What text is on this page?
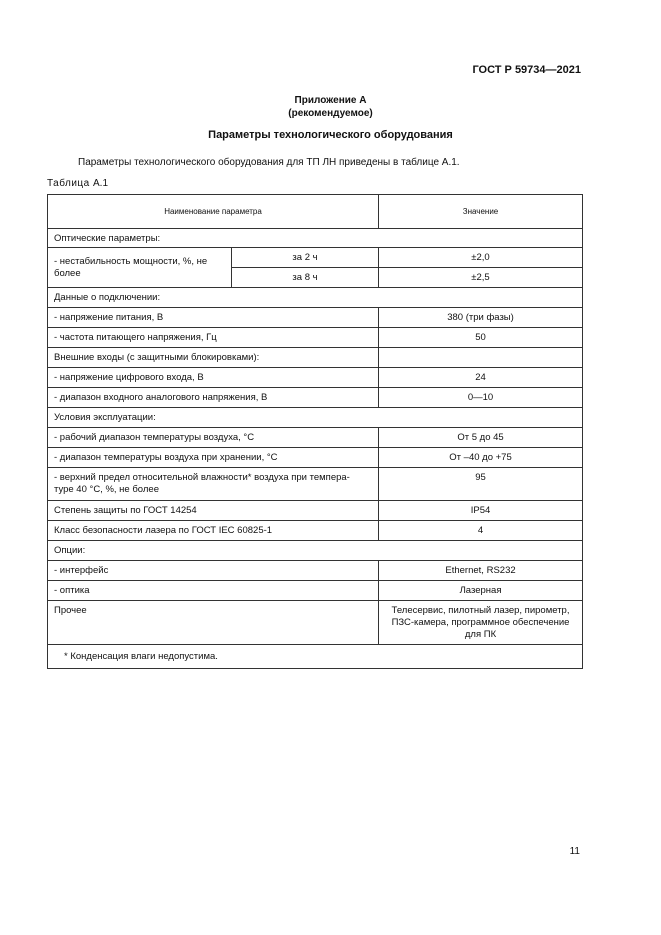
ГОСТ Р 59734—2021
Приложение А
(рекомендуемое)
Параметры технологического оборудования
Параметры технологического оборудования для ТП ЛН приведены в таблице А.1.
Таблица А.1
Наименование параметра		Значение
Оптические параметры:		
- нестабильность мощности, %, не более	за 2 ч	±2,0
	за 8 ч	±2,5
Данные о подключении:		
- напряжение питания, В		380 (три фазы)
- частота питающего напряжения, Гц		50
Внешние входы (с защитными блокировками):		
- напряжение цифрового входа, В		24
- диапазон входного аналогового напряжения, В		0—10
Условия эксплуатации:		
- рабочий диапазон температуры воздуха, °С		От 5 до 45
- диапазон температуры воздуха при хранении, °С		От –40 до +75

- верхний предел относительной влажности* воздуха при темпера-
туре 40 °С, %, не более		95
Степень защиты по ГОСТ 14254		IP54
Класс безопасности лазера по ГОСТ IEC 60825-1		4
Опции:		
- интерфейс		Ethernet, RS232
- оптика		Лазерная
Прочее		Телесервис, пилотный лазер, пирометр,
ПЗС-камера, программное обеспечение
для ПК

* Конденсация влаги недопустима.		
11
